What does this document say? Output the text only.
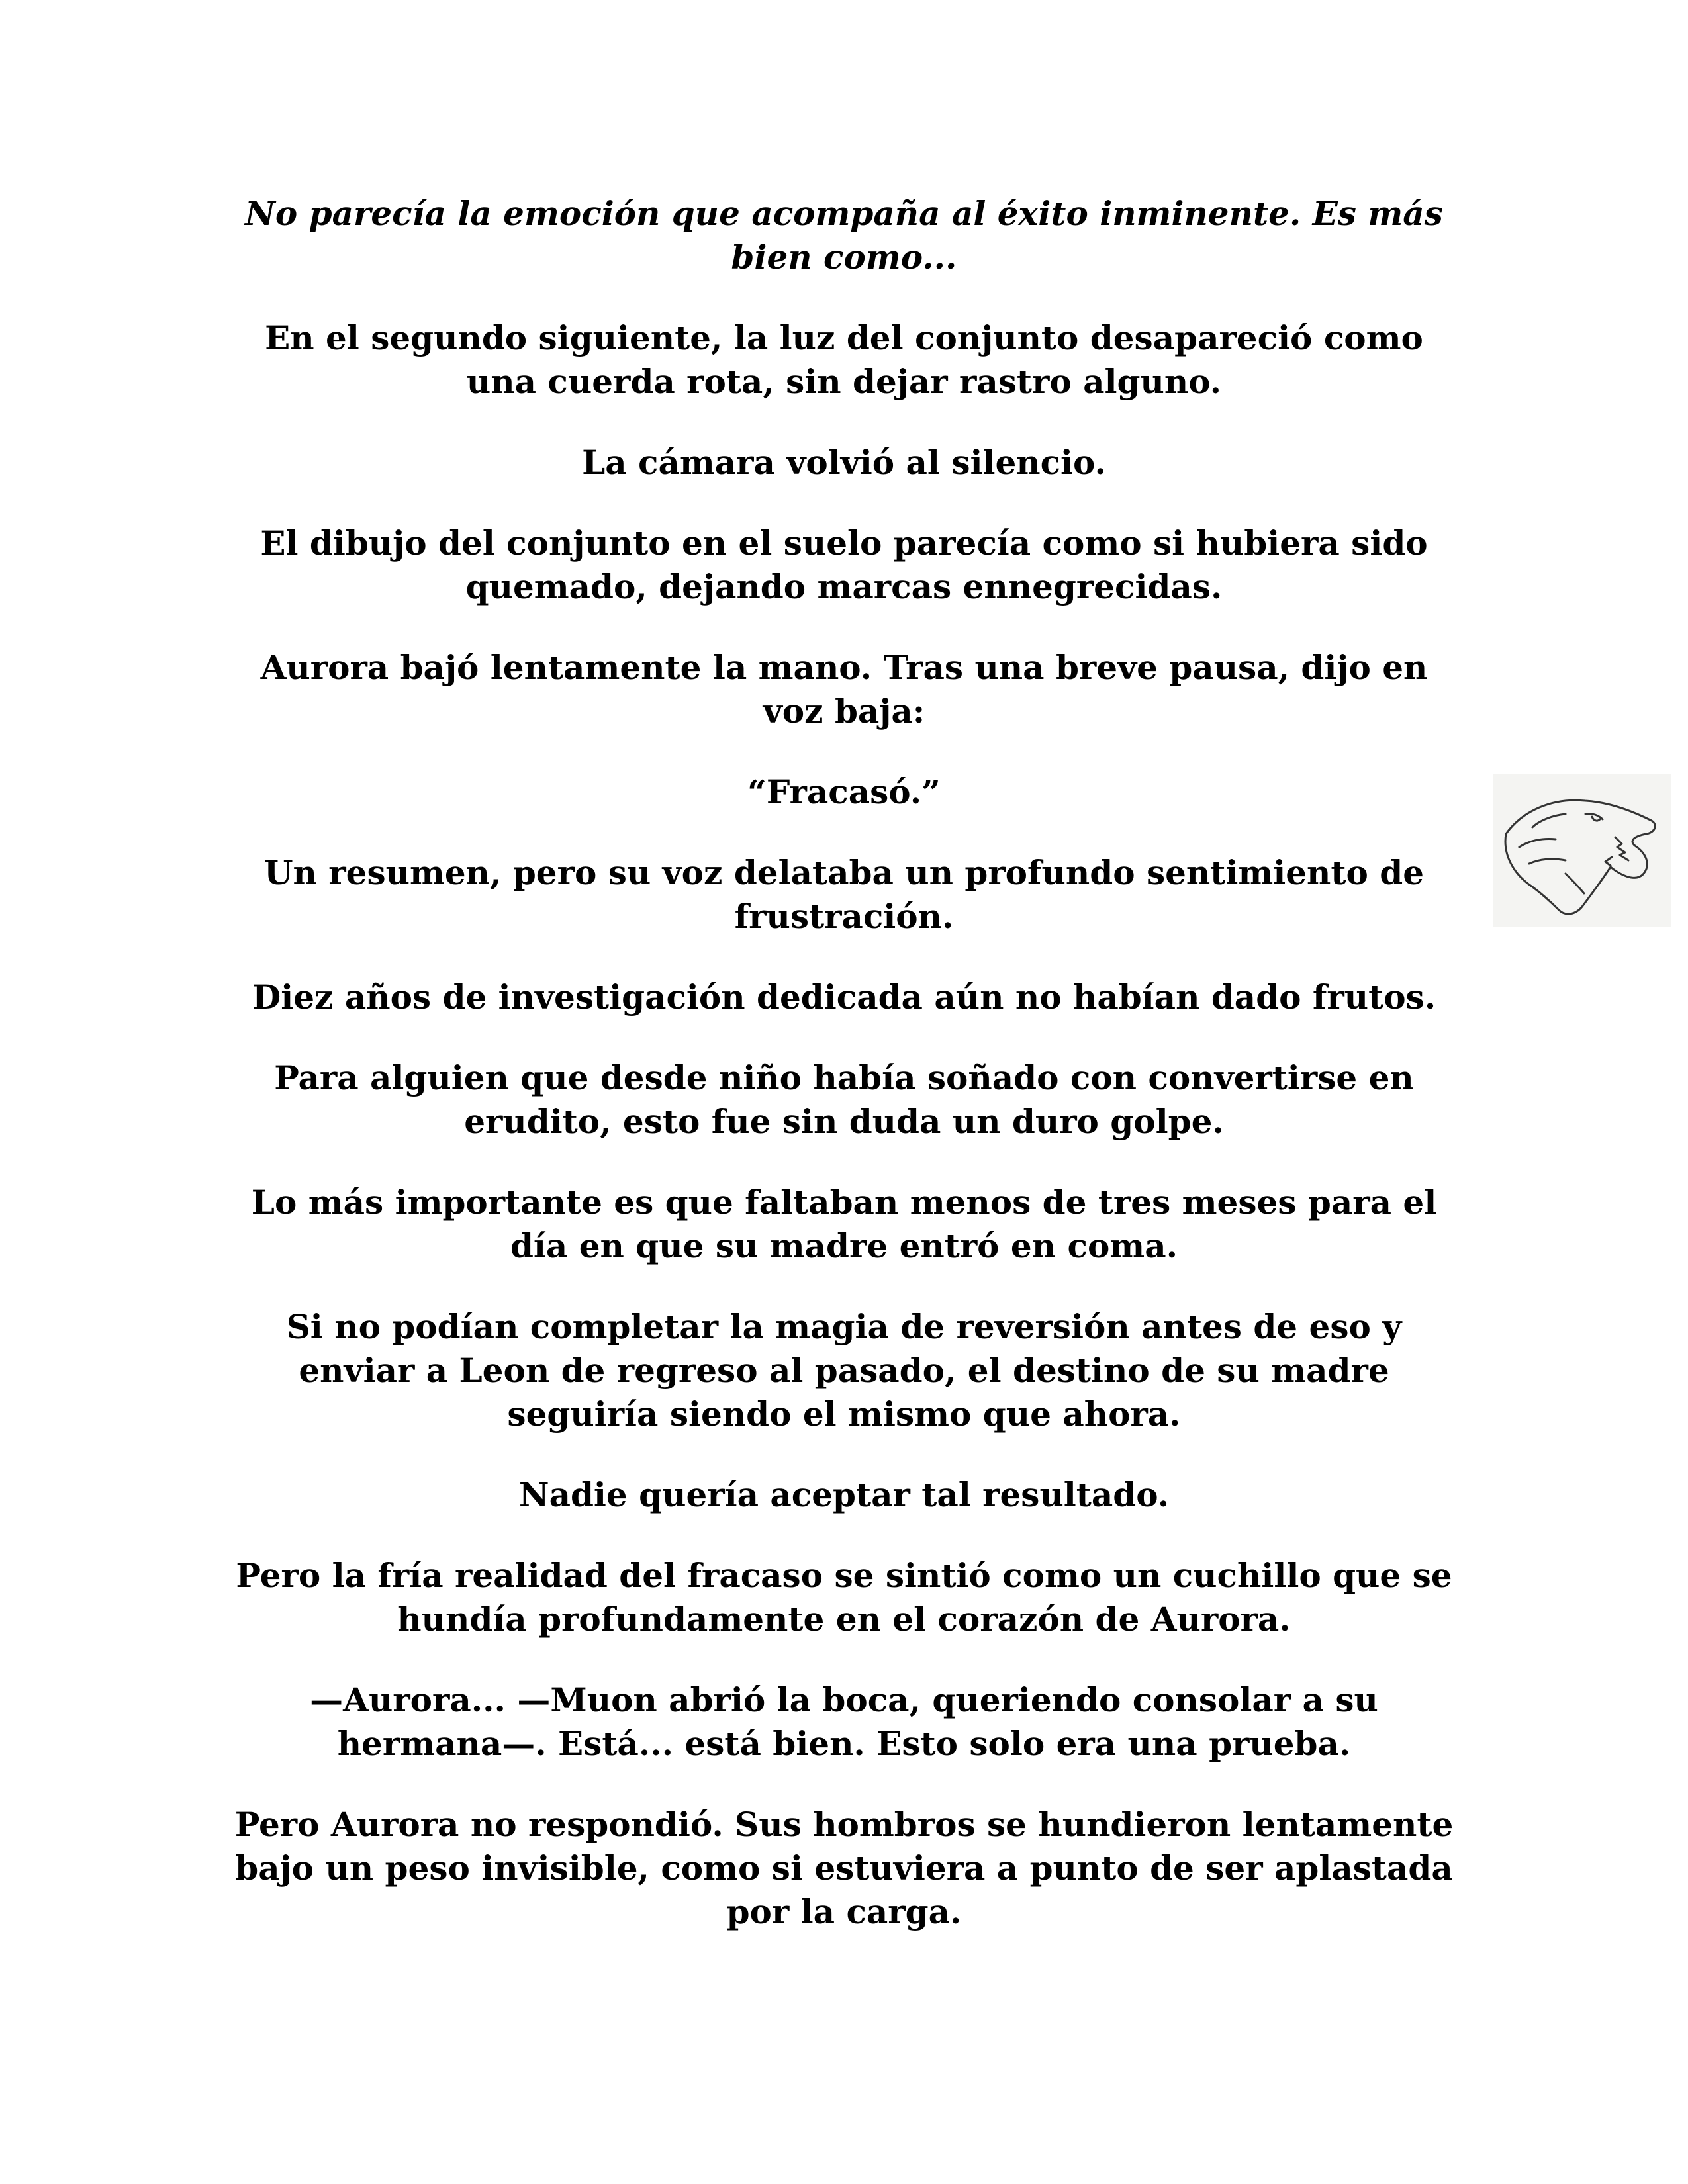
No parecía la emoción que acompaña al éxito inminente. Es más bien como...

En el segundo siguiente, la luz del conjunto desapareció como una cuerda rota, sin dejar rastro alguno.

La cámara volvió al silencio.

El dibujo del conjunto en el suelo parecía como si hubiera sido quemado, dejando marcas ennegrecidas.

Aurora bajó lentamente la mano. Tras una breve pausa, dijo en voz baja:

“Fracasó.”

Un resumen, pero su voz delataba un profundo sentimiento de frustración.

Diez años de investigación dedicada aún no habían dado frutos.

Para alguien que desde niño había soñado con convertirse en erudito, esto fue sin duda un duro golpe.

Lo más importante es que faltaban menos de tres meses para el día en que su madre entró en coma.

Si no podían completar la magia de reversión antes de eso y enviar a Leon de regreso al pasado, el destino de su madre seguiría siendo el mismo que ahora.

Nadie quería aceptar tal resultado.

Pero la fría realidad del fracaso se sintió como un cuchillo que se hundía profundamente en el corazón de Aurora.

—Aurora... —Muon abrió la boca, queriendo consolar a su hermana—. Está... está bien. Esto solo era una prueba.

Pero Aurora no respondió. Sus hombros se hundieron lentamente bajo un peso invisible, como si estuviera a punto de ser aplastada por la carga.
